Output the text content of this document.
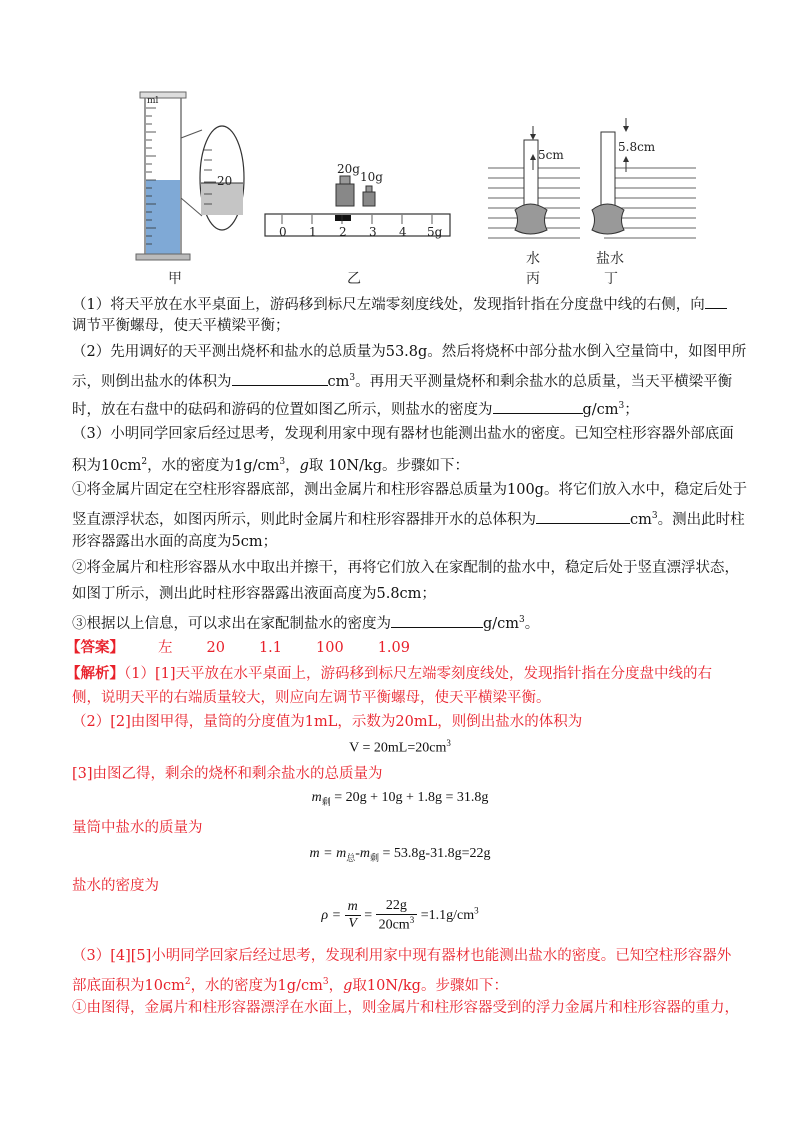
ml
20
甲
20g
10g
0 1 2 3 4 5g
乙
5cm
水
丙
5.8cm
盐水
丁
（1）将天平放在水平桌面上，游码移到标尺左端零刻度线处，发现指针指在分度盘中线的右侧，向
调节平衡螺母，使天平横梁平衡；
（2）先用调好的天平测出烧杯和盐水的总质量为53.8g。然后将烧杯中部分盐水倒入空量筒中，如图甲所
示，则倒出盐水的体积为	$cm^3$。再用天平测量烧杯和剩余盐水的总质量，当天平横梁平衡
时，放在右盘中的砝码和游码的位置如图乙所示，则盐水的密度为	$g/cm^3$；
（3）小明同学回家后经过思考，发现利用家中现有器材也能测出盐水的密度。已知空柱形容器外部底面
积为$10cm^2$，水的密度为$1g/cm^3$，g取 10N/kg。步骤如下：
①将金属片固定在空柱形容器底部，测出金属片和柱形容器总质量为100g。将它们放入水中，稳定后处于
竖直漂浮状态，如图丙所示，则此时金属片和柱形容器排开水的总体积为	$cm^3$。测出此时柱
形容器露出水面的高度为5cm；
②将金属片和柱形容器从水中取出并擦干，再将它们放入在家配制的盐水中，稳定后处于竖直漂浮状态，
如图丁所示，测出此时柱形容器露出液面高度为5.8cm；
③根据以上信息，可以求出在家配制盐水的密度为	$g/cm^3$。
【答案】 左 20 1.1 100 1.09
【解析】（1）[1]天平放在水平桌面上，游码移到标尺左端零刻度线处，发现指针指在分度盘中线的右
侧，说明天平的右端质量较大，则应向左调节平衡螺母，使天平横梁平衡。
（2）[2]由图甲得，量筒的分度值为1mL，示数为20mL，则倒出盐水的体积为
$V = 20mL=20cm^3$
[3]由图乙得，剩余的烧杯和剩余盐水的总质量为
$m_剩 = 20g + 10g + 1.8g = 31.8g$
量筒中盐水的质量为
$m = m_总-m_剩 = 53.8g-31.8g=22g$
盐水的密度为
$\rho = \frac{m}{V} = \frac{22g}{20cm^3} =1.1g/cm^3$
（3）[4][5]小明同学回家后经过思考，发现利用家中现有器材也能测出盐水的密度。已知空柱形容器外
部底面积为$10cm^2$，水的密度为$1g/cm^3$，g取10N/kg。步骤如下：
①由图得，金属片和柱形容器漂浮在水面上，则金属片和柱形容器受到的浮力金属片和柱形容器的重力，
